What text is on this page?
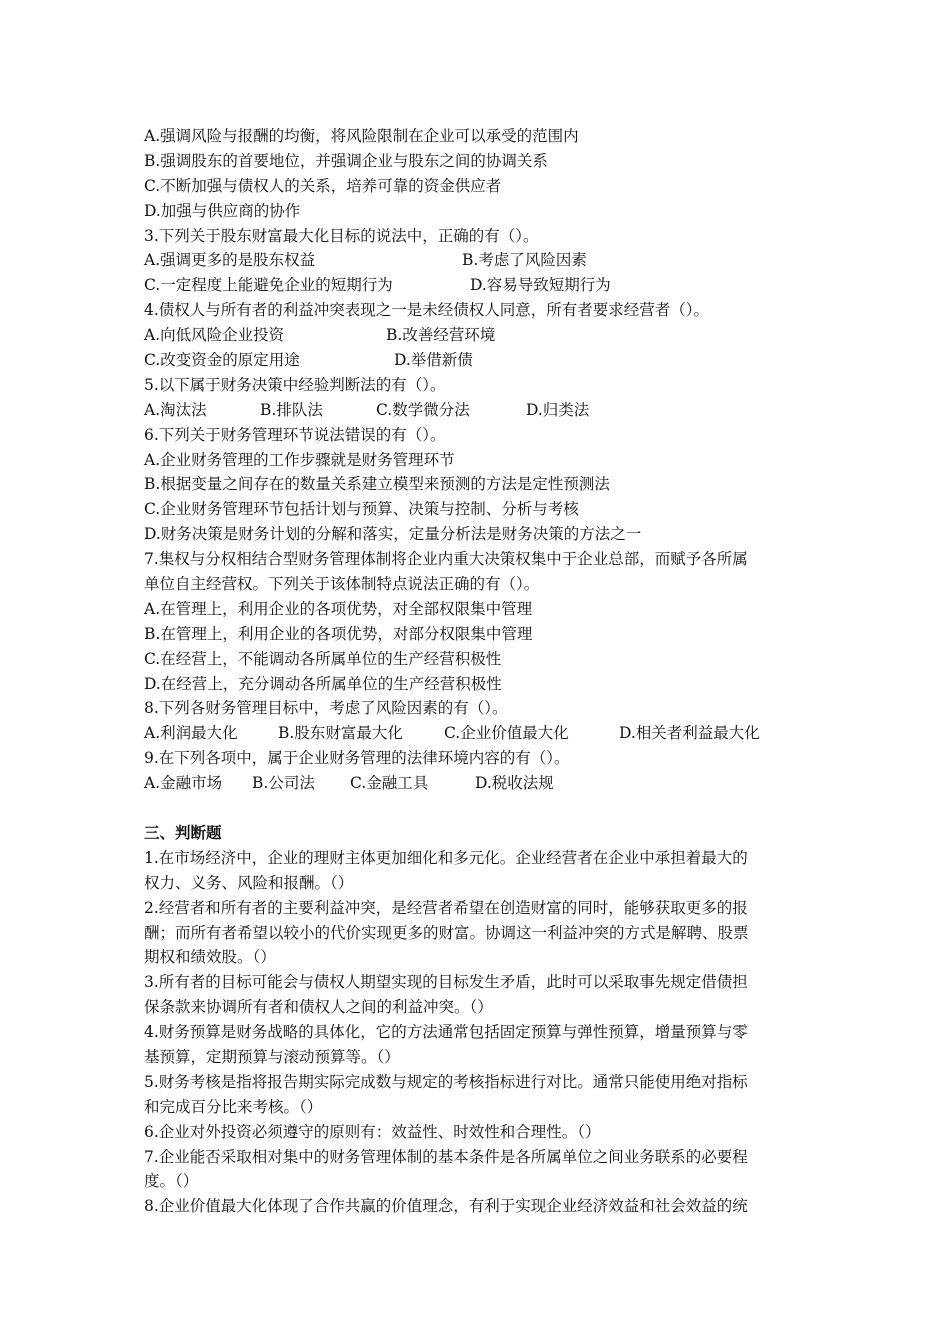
A.强调风险与报酬的均衡，将风险限制在企业可以承受的范围内
B.强调股东的首要地位，并强调企业与股东之间的协调关系
C.不断加强与债权人的关系，培养可靠的资金供应者
D.加强与供应商的协作
3.下列关于股东财富最大化目标的说法中，正确的有（）。
A.强调更多的是股东权益	B.考虑了风险因素
C.一定程度上能避免企业的短期行为	D.容易导致短期行为
4.债权人与所有者的利益冲突表现之一是未经债权人同意，所有者要求经营者（）。
A.向低风险企业投资	B.改善经营环境
C.改变资金的原定用途	D.举借新债
5.以下属于财务决策中经验判断法的有（）。
A.淘汰法	B.排队法	C.数学微分法	D.归类法
6.下列关于财务管理环节说法错误的有（）。
A.企业财务管理的工作步骤就是财务管理环节
B.根据变量之间存在的数量关系建立模型来预测的方法是定性预测法
C.企业财务管理环节包括计划与预算、决策与控制、分析与考核
D.财务决策是财务计划的分解和落实，定量分析法是财务决策的方法之一
7.集权与分权相结合型财务管理体制将企业内重大决策权集中于企业总部，而赋予各所属
单位自主经营权。下列关于该体制特点说法正确的有（）。
A.在管理上，利用企业的各项优势，对全部权限集中管理
B.在管理上，利用企业的各项优势，对部分权限集中管理
C.在经营上，不能调动各所属单位的生产经营积极性
D.在经营上，充分调动各所属单位的生产经营积极性
8.下列各财务管理目标中，考虑了风险因素的有（）。
A.利润最大化	B.股东财富最大化	C.企业价值最大化	D.相关者利益最大化
9.在下列各项中，属于企业财务管理的法律环境内容的有（）。
A.金融市场 B.公司法 C.金融工具	D.税收法规
三、判断题
1.在市场经济中，企业的理财主体更加细化和多元化。企业经营者在企业中承担着最大的
权力、义务、风险和报酬。（）
2.经营者和所有者的主要利益冲突，是经营者希望在创造财富的同时，能够获取更多的报
酬；而所有者希望以较小的代价实现更多的财富。协调这一利益冲突的方式是解聘、股票
期权和绩效股。（）
3.所有者的目标可能会与债权人期望实现的目标发生矛盾，此时可以采取事先规定借债担
保条款来协调所有者和债权人之间的利益冲突。（）
4.财务预算是财务战略的具体化，它的方法通常包括固定预算与弹性预算，增量预算与零
基预算，定期预算与滚动预算等。（）
5.财务考核是指将报告期实际完成数与规定的考核指标进行对比。通常只能使用绝对指标
和完成百分比来考核。（）
6.企业对外投资必须遵守的原则有：效益性、时效性和合理性。（）
7.企业能否采取相对集中的财务管理体制的基本条件是各所属单位之间业务联系的必要程
度。（）
8.企业价值最大化体现了合作共赢的价值理念，有利于实现企业经济效益和社会效益的统
